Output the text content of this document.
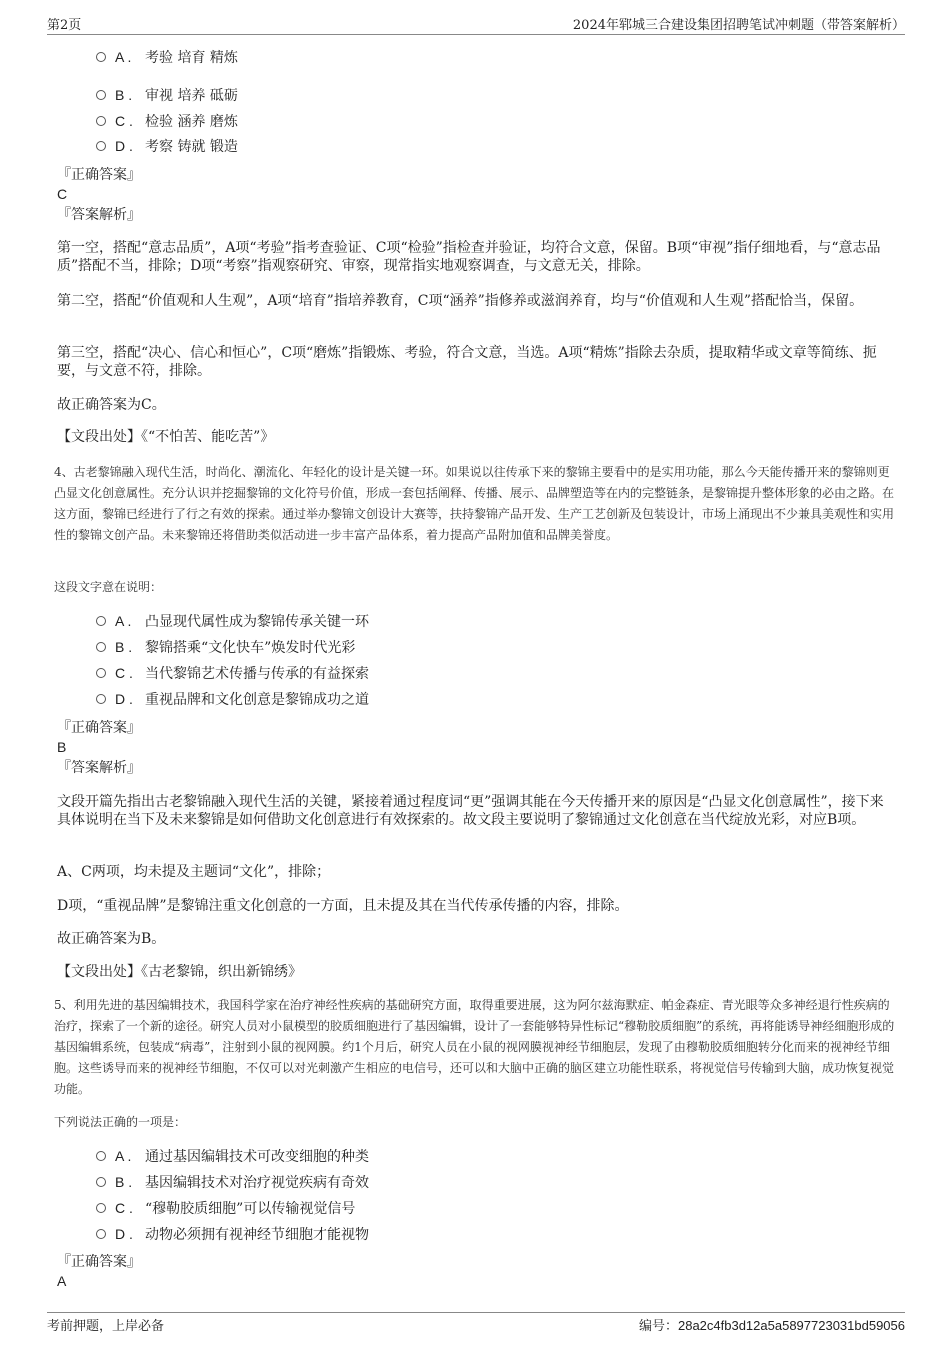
第2页	2024年郓城三合建设集团招聘笔试冲刺题（带答案解析）
A . 考验 培育 精炼
B . 审视 培养 砥砺
C . 检验 涵养 磨炼
D . 考察 铸就 锻造
『正确答案』
C
『答案解析』

第一空，搭配“意志品质”，A项“考验”指考查验证、C项“检验”指检查并验证，均符合文意，保留。B项“审视”指仔细地看，与“意志品质”搭配不当，排除；D项“考察”指观察研究、审察，现常指实地观察调查，与文意无关，排除。

第二空，搭配“价值观和人生观”，A项“培育”指培养教育，C项“涵养”指修养或滋润养育，均与“价值观和人生观”搭配恰当，保留。

第三空，搭配“决心、信心和恒心”，C项“磨炼”指锻炼、考验，符合文意，当选。A项“精炼”指除去杂质，提取精华或文章等简练、扼要，与文意不符，排除。

故正确答案为C。

【文段出处】《“不怕苦、能吃苦”》

4、古老黎锦融入现代生活，时尚化、潮流化、年轻化的设计是关键一环。如果说以往传承下来的黎锦主要看中的是实用功能，那么今天能传播开来的黎锦则更凸显文化创意属性。充分认识并挖掘黎锦的文化符号价值，形成一套包括阐释、传播、展示、品牌塑造等在内的完整链条，是黎锦提升整体形象的必由之路。在这方面，黎锦已经进行了行之有效的探索。通过举办黎锦文创设计大赛等，扶持黎锦产品开发、生产工艺创新及包装设计，市场上涌现出不少兼具美观性和实用性的黎锦文创产品。未来黎锦还将借助类似活动进一步丰富产品体系，着力提高产品附加值和品牌美誉度。

这段文字意在说明：
A . 凸显现代属性成为黎锦传承关键一环
B . 黎锦搭乘“文化快车”焕发时代光彩
C . 当代黎锦艺术传播与传承的有益探索
D . 重视品牌和文化创意是黎锦成功之道
『正确答案』
B
『答案解析』

文段开篇先指出古老黎锦融入现代生活的关键，紧接着通过程度词“更”强调其能在今天传播开来的原因是“凸显文化创意属性”，接下来具体说明在当下及未来黎锦是如何借助文化创意进行有效探索的。故文段主要说明了黎锦通过文化创意在当代绽放光彩，对应B项。

A、C两项，均未提及主题词“文化”，排除；

D项，“重视品牌”是黎锦注重文化创意的一方面，且未提及其在当代传承传播的内容，排除。

故正确答案为B。

【文段出处】《古老黎锦，织出新锦绣》

5、利用先进的基因编辑技术，我国科学家在治疗神经性疾病的基础研究方面，取得重要进展，这为阿尔兹海默症、帕金森症、青光眼等众多神经退行性疾病的治疗，探索了一个新的途径。研究人员对小鼠模型的胶质细胞进行了基因编辑，设计了一套能够特异性标记“穆勒胶质细胞”的系统，再将能诱导神经细胞形成的基因编辑系统，包装成“病毒”，注射到小鼠的视网膜。约1个月后，研究人员在小鼠的视网膜视神经节细胞层，发现了由穆勒胶质细胞转分化而来的视神经节细胞。这些诱导而来的视神经节细胞，不仅可以对光刺激产生相应的电信号，还可以和大脑中正确的脑区建立功能性联系，将视觉信号传输到大脑，成功恢复视觉功能。

下列说法正确的一项是：
A . 通过基因编辑技术可改变细胞的种类
B . 基因编辑技术对治疗视觉疾病有奇效
C . “穆勒胶质细胞”可以传输视觉信号
D . 动物必须拥有视神经节细胞才能视物
『正确答案』
A
考前押题，上岸必备	编号：28a2c4fb3d12a5a5897723031bd59056
